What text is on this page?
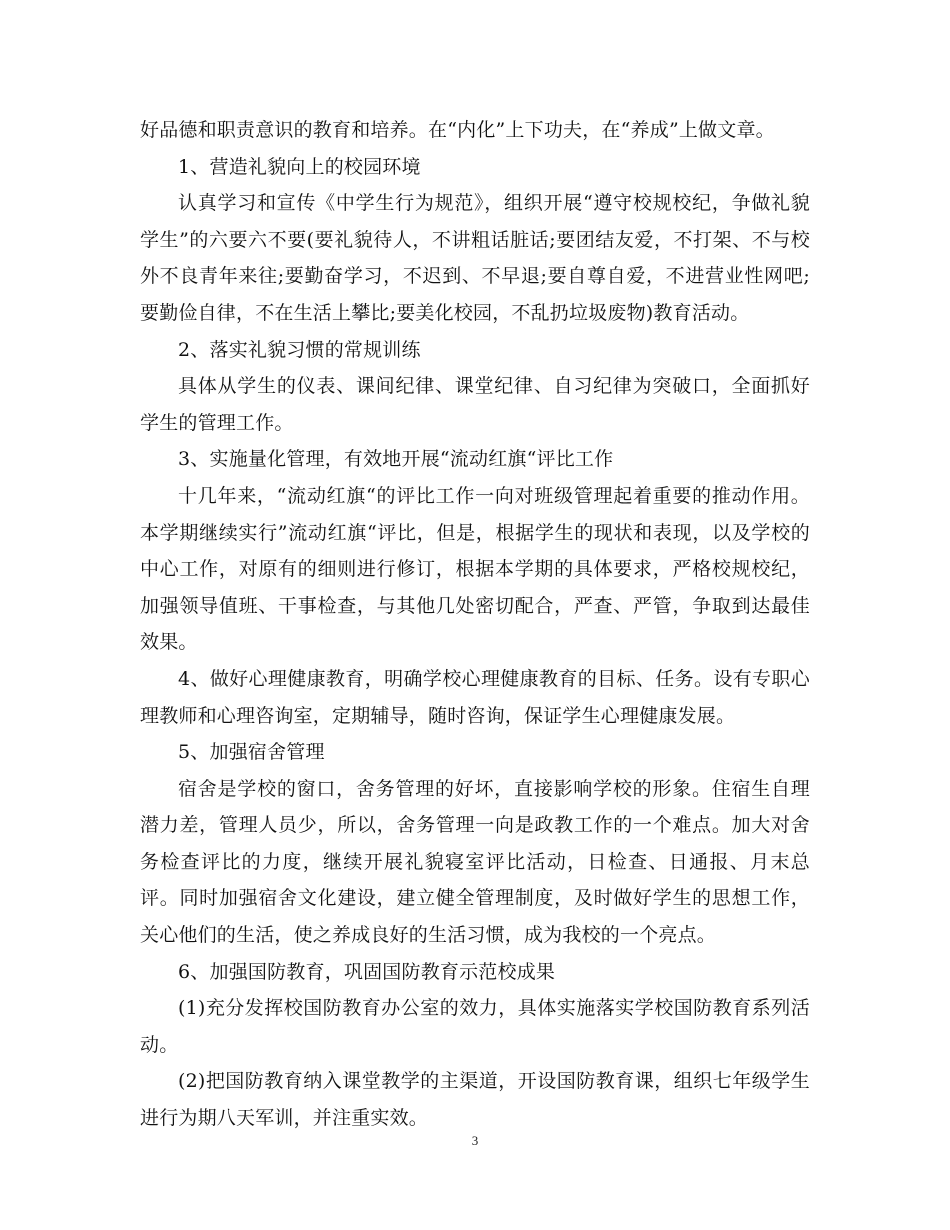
好品德和职责意识的教育和培养。在“内化”上下功夫，在“养成”上做文章。

1、营造礼貌向上的校园环境

认真学习和宣传《中学生行为规范》，组织开展“遵守校规校纪，争做礼貌学生”的六要六不要(要礼貌待人，不讲粗话脏话;要团结友爱，不打架、不与校外不良青年来往;要勤奋学习，不迟到、不早退;要自尊自爱，不进营业性网吧;要勤俭自律，不在生活上攀比;要美化校园，不乱扔垃圾废物)教育活动。

2、落实礼貌习惯的常规训练

具体从学生的仪表、课间纪律、课堂纪律、自习纪律为突破口，全面抓好学生的管理工作。

3、实施量化管理，有效地开展“流动红旗“评比工作

十几年来，“流动红旗“的评比工作一向对班级管理起着重要的推动作用。本学期继续实行”流动红旗“评比，但是，根据学生的现状和表现，以及学校的中心工作，对原有的细则进行修订，根据本学期的具体要求，严格校规校纪，加强领导值班、干事检查，与其他几处密切配合，严查、严管，争取到达最佳效果。

4、做好心理健康教育，明确学校心理健康教育的目标、任务。设有专职心理教师和心理咨询室，定期辅导，随时咨询，保证学生心理健康发展。

5、加强宿舍管理

宿舍是学校的窗口，舍务管理的好坏，直接影响学校的形象。住宿生自理潜力差，管理人员少，所以，舍务管理一向是政教工作的一个难点。加大对舍务检查评比的力度，继续开展礼貌寝室评比活动，日检查、日通报、月末总评。同时加强宿舍文化建设，建立健全管理制度，及时做好学生的思想工作，关心他们的生活，使之养成良好的生活习惯，成为我校的一个亮点。

6、加强国防教育，巩固国防教育示范校成果

(1)充分发挥校国防教育办公室的效力，具体实施落实学校国防教育系列活动。

(2)把国防教育纳入课堂教学的主渠道，开设国防教育课，组织七年级学生进行为期八天军训，并注重实效。

3
